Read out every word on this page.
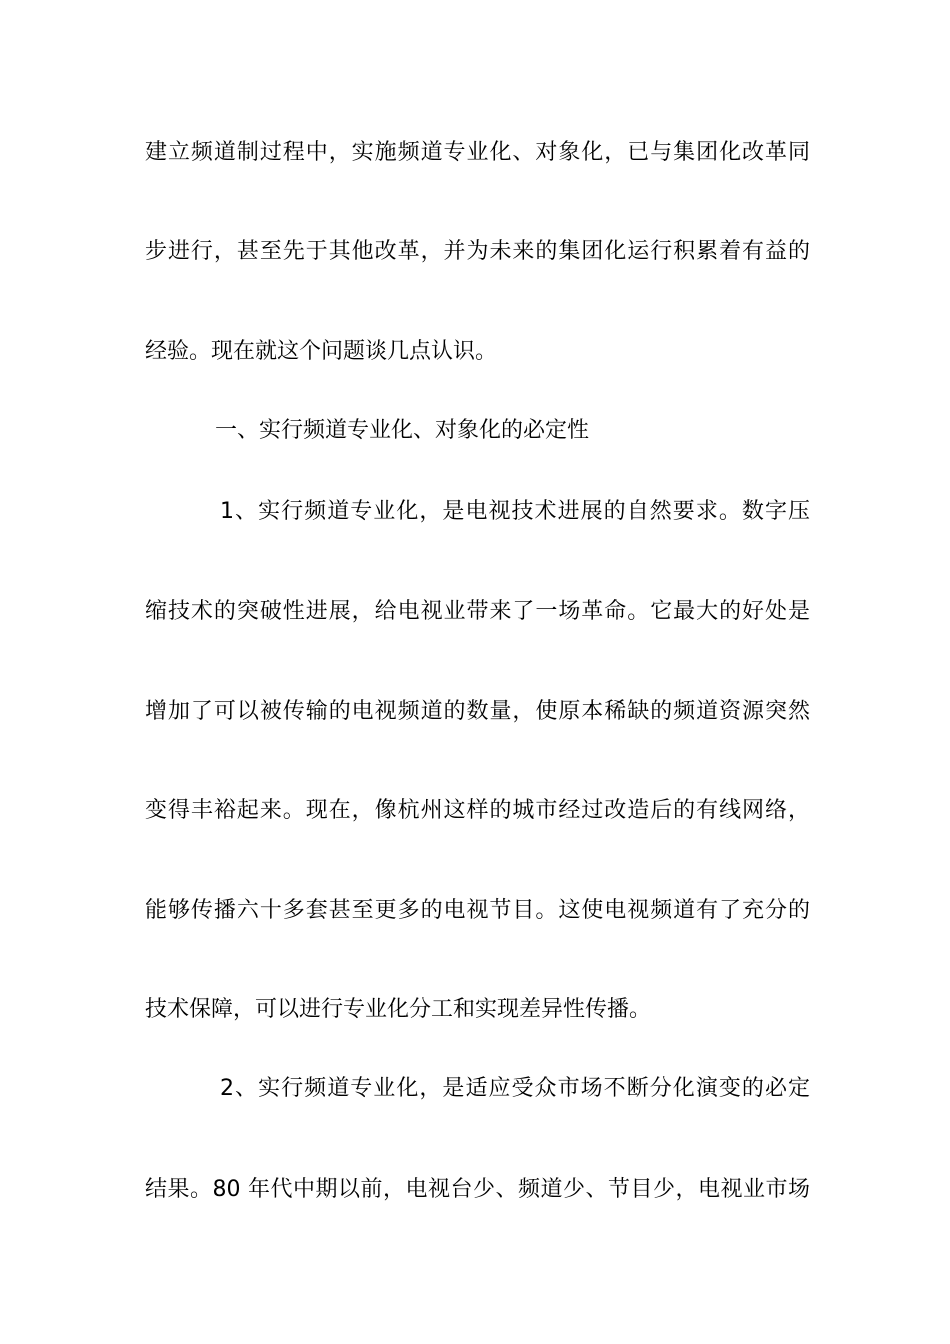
建立频道制过程中，实施频道专业化、对象化，已与集团化改革同
步进行，甚至先于其他改革，并为未来的集团化运行积累着有益的
经验。现在就这个问题谈几点认识。
一、实行频道专业化、对象化的必定性
1、实行频道专业化，是电视技术进展的自然要求。数字压
缩技术的突破性进展，给电视业带来了一场革命。它最大的好处是
增加了可以被传输的电视频道的数量，使原本稀缺的频道资源突然
变得丰裕起来。现在，像杭州这样的城市经过改造后的有线网络，
能够传播六十多套甚至更多的电视节目。这使电视频道有了充分的
技术保障，可以进行专业化分工和实现差异性传播。
2、实行频道专业化，是适应受众市场不断分化演变的必定
结果。80 年代中期以前，电视台少、频道少、节目少，电视业市场
